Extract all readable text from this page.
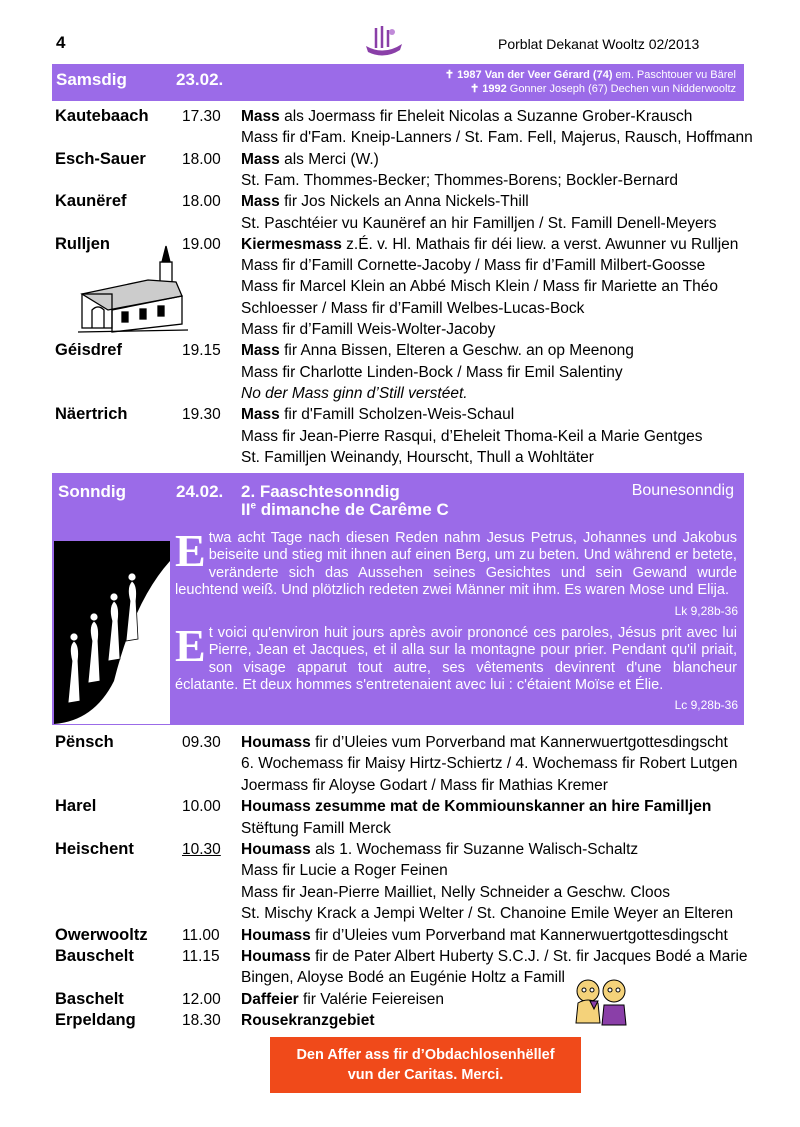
4	Porblat Dekanat Wooltz 02/2013
Samsdig	23.02.	✝ 1987 Van der Veer Gérard (74) em. Paschtouer vu Bärel
✝ 1992 Gonner Joseph (67) Dechen vun Nidderwooltz
Kautebaach 17.30 Mass als Joermass fir Eheleit Nicolas a Suzanne Grober-Krausch
Mass fir d'Fam. Kneip-Lanners / St. Fam. Fell, Majerus, Rausch, Hoffmann
Esch-Sauer 18.00 Mass als Merci (W.)
St. Fam. Thommes-Becker; Thommes-Borens; Bockler-Bernard
Kaunëref	18.00 Mass fir Jos Nickels an Anna Nickels-Thill
St. Paschtéier vu Kaunëref an hir Familljen / St. Famill Denell-Meyers
Rulljen	19.00 Kiermesmass z.É. v. Hl. Mathais fir déi liew. a verst. Awunner vu Rulljen
Mass fir d’Famill Cornette-Jacoby / Mass fir d’Famill Milbert-Goosse
Mass fir Marcel Klein an Abbé Misch Klein / Mass fir Mariette an Théo
Schloesser / Mass fir d’Famill Welbes-Lucas-Bock
Mass fir d’Famill Weis-Wolter-Jacoby
Géisdref	19.15 Mass fir Anna Bissen, Elteren a Geschw. an op Meenong
Mass fir Charlotte Linden-Bock / Mass fir Emil Salentiny
No der Mass ginn d’Still verstéet.
Näertrich	19.30 Mass fir d'Famill Scholzen-Weis-Schaul
Mass fir Jean-Pierre Rasqui, d’Eheleit Thoma-Keil a Marie Gentges
St. Familljen Weinandy, Hourscht, Thull a Wohltäter
Sonndig	24.02. 2. Faaschtesonndig
IIe dimanche de Carême C
Bounesonndig
Etwa acht Tage nach diesen Reden nahm Jesus Petrus, Johannes und Jakobus beiseite und stieg mit ihnen auf einen Berg, um zu beten. Und während er betete, veränderte sich das Aussehen seines Gesichtes und sein Gewand wurde leuchtend weiß. Und plötzlich redeten zwei Männer mit ihm. Es waren Mose und Elija.
Lk 9,28b-36
Et voici qu'environ huit jours après avoir prononcé ces paroles, Jésus prit avec lui Pierre, Jean et Jacques, et il alla sur la montagne pour prier. Pendant qu'il priait, son visage apparut tout autre, ses vêtements devinrent d'une blancheur éclatante. Et deux hommes s'entretenaient avec lui : c'étaient Moïse et Élie.
Lc 9,28b-36
Pënsch	09.30 Houmass fir d’Uleies vum Porverband mat Kannerwuertgottesdingscht
6. Wochemass fir Maisy Hirtz-Schiertz / 4. Wochemass fir Robert Lutgen
Joermass fir Aloyse Godart / Mass fir Mathias Kremer
Harel	10.00 Houmass zesumme mat de Kommiounskanner an hire Familljen
Stëftung Famill Merck
Heischent	10.30 Houmass als 1. Wochemass fir Suzanne Walisch-Schaltz
Mass fir Lucie a Roger Feinen
Mass fir Jean-Pierre Mailliet, Nelly Schneider a Geschw. Cloos
St. Mischy Krack a Jempi Welter / St. Chanoine Emile Weyer an Elteren
Owerwooltz 11.00 Houmass fir d’Uleies vum Porverband mat Kannerwuertgottesdingscht
Bauschelt	11.15 Houmass fir de Pater Albert Huberty S.C.J. / St. fir Jacques Bodé a Marie
Bingen, Aloyse Bodé an Eugénie Holtz a Famill
Baschelt	12.00 Daffeier fir Valérie Feiereisen
Erpeldang	18.30 Rousekranzgebiet
Den Affer ass fir d’Obdachlosenhëllef
vun der Caritas. Merci.
